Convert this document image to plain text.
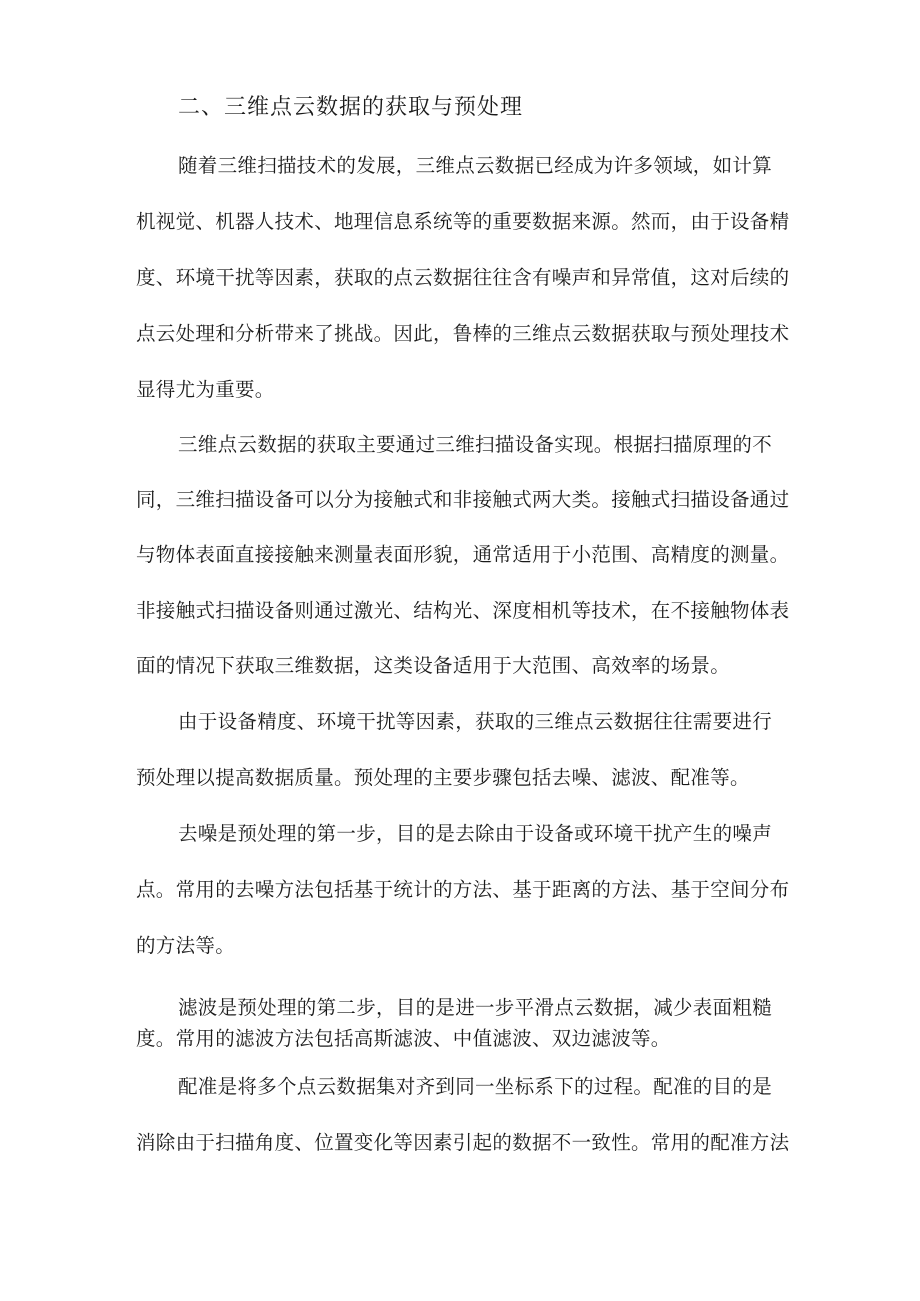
二、三维点云数据的获取与预处理
随着三维扫描技术的发展，三维点云数据已经成为许多领域，如计算
机视觉、机器人技术、地理信息系统等的重要数据来源。然而，由于设备精
度、环境干扰等因素，获取的点云数据往往含有噪声和异常值，这对后续的
点云处理和分析带来了挑战。因此，鲁棒的三维点云数据获取与预处理技术
显得尤为重要。
三维点云数据的获取主要通过三维扫描设备实现。根据扫描原理的不
同，三维扫描设备可以分为接触式和非接触式两大类。接触式扫描设备通过
与物体表面直接接触来测量表面形貌，通常适用于小范围、高精度的测量。
非接触式扫描设备则通过激光、结构光、深度相机等技术，在不接触物体表
面的情况下获取三维数据，这类设备适用于大范围、高效率的场景。
由于设备精度、环境干扰等因素，获取的三维点云数据往往需要进行
预处理以提高数据质量。预处理的主要步骤包括去噪、滤波、配准等。
去噪是预处理的第一步，目的是去除由于设备或环境干扰产生的噪声
点。常用的去噪方法包括基于统计的方法、基于距离的方法、基于空间分布
的方法等。
滤波是预处理的第二步，目的是进一步平滑点云数据，减少表面粗糙
度。常用的滤波方法包括高斯滤波、中值滤波、双边滤波等。
配准是将多个点云数据集对齐到同一坐标系下的过程。配准的目的是
消除由于扫描角度、位置变化等因素引起的数据不一致性。常用的配准方法
